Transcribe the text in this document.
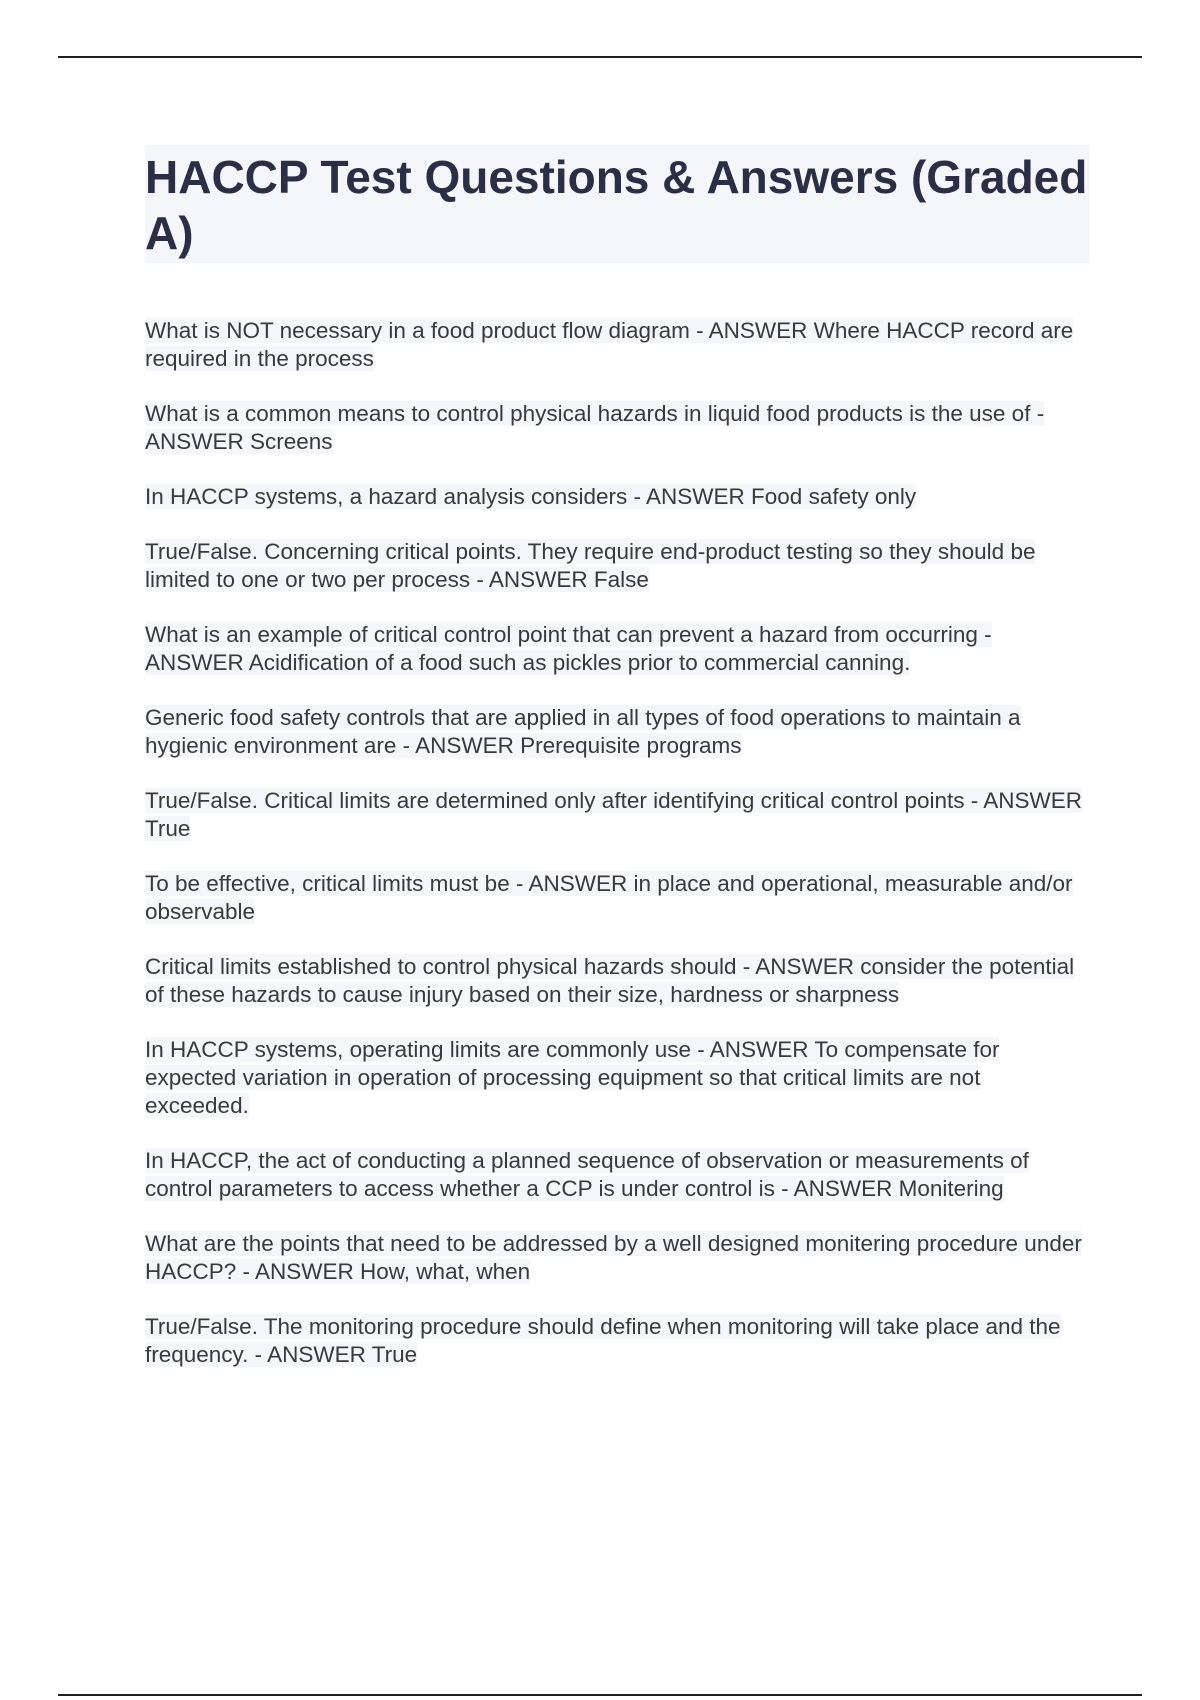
HACCP Test Questions & Answers (Graded A)

What is NOT necessary in a food product flow diagram - ANSWER Where HACCP record are required in the process

What is a common means to control physical hazards in liquid food products is the use of - ANSWER Screens

In HACCP systems, a hazard analysis considers - ANSWER Food safety only

True/False. Concerning critical points. They require end-product testing so they should be limited to one or two per process - ANSWER False

What is an example of critical control point that can prevent a hazard from occurring - ANSWER Acidification of a food such as pickles prior to commercial canning.

Generic food safety controls that are applied in all types of food operations to maintain a hygienic environment are - ANSWER Prerequisite programs

True/False. Critical limits are determined only after identifying critical control points - ANSWER True

To be effective, critical limits must be - ANSWER in place and operational, measurable and/or observable

Critical limits established to control physical hazards should - ANSWER consider the potential of these hazards to cause injury based on their size, hardness or sharpness

In HACCP systems, operating limits are commonly use - ANSWER To compensate for expected variation in operation of processing equipment so that critical limits are not exceeded.

In HACCP, the act of conducting a planned sequence of observation or measurements of control parameters to access whether a CCP is under control is - ANSWER Monitering

What are the points that need to be addressed by a well designed monitering procedure under HACCP? - ANSWER How, what, when

True/False. The monitoring procedure should define when monitoring will take place and the frequency. - ANSWER True
